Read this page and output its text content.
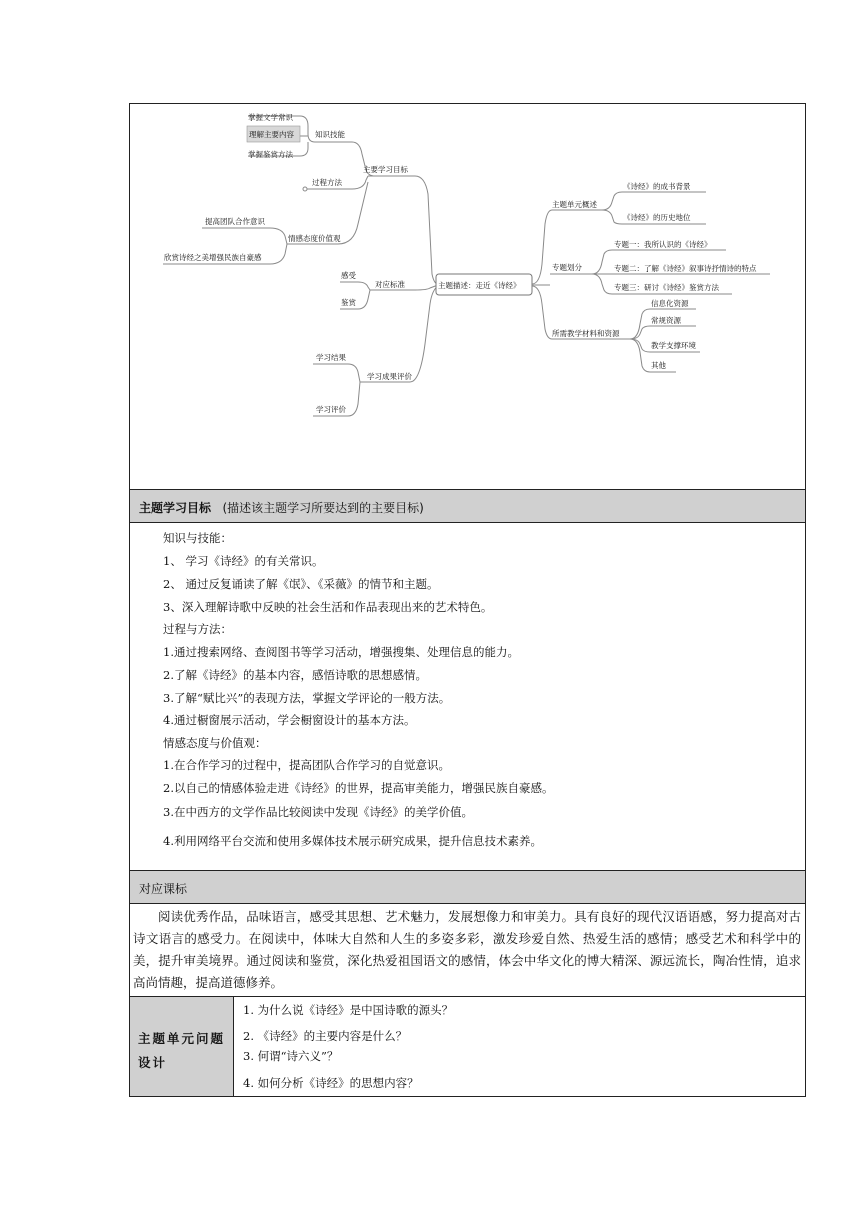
掌握文学常识
理解主要内容
掌握鉴赏方法
知识技能
主要学习目标
过程方法
提高团队合作意识
情感态度价值观
欣赏诗经之美增强民族自豪感
感受
对应标准
鉴赏
主题描述：走近《诗经》
学习结果
学习成果评价
学习评价
主题单元概述
《诗经》的成书背景
《诗经》的历史地位
专题划分
专题一：我所认识的《诗经》
专题二：了解《诗经》叙事诗抒情诗的特点
专题三：研讨《诗经》鉴赏方法
所需教学材料和资源
信息化资源
常规资源
教学支撑环境
其他
主题学习目标 (描述该主题学习所要达到的主要目标)
知识与技能：
1、 学习《诗经》的有关常识。
2、 通过反复诵读了解《氓》、《采薇》的情节和主题。
3、深入理解诗歌中反映的社会生活和作品表现出来的艺术特色。
过程与方法：
1.通过搜索网络、查阅图书等学习活动，增强搜集、处理信息的能力。
2.了解《诗经》的基本内容，感悟诗歌的思想感情。
3.了解“赋比兴”的表现方法，掌握文学评论的一般方法。
4.通过橱窗展示活动，学会橱窗设计的基本方法。
情感态度与价值观：
1.在合作学习的过程中，提高团队合作学习的自觉意识。
2.以自己的情感体验走进《诗经》的世界，提高审美能力，增强民族自豪感。
3.在中西方的文学作品比较阅读中发现《诗经》的美学价值。
4.利用网络平台交流和使用多媒体技术展示研究成果，提升信息技术素养。
对应课标
阅读优秀作品，品味语言，感受其思想、艺术魅力，发展想像力和审美力。具有良好的现代汉语语感，努力提高对古诗文语言的感受力。在阅读中，体味大自然和人生的多姿多彩，激发珍爱自然、热爱生活的感情；感受艺术和科学中的美，提升审美境界。通过阅读和鉴赏，深化热爱祖国语文的感情，体会中华文化的博大精深、源远流长，陶冶性情，追求高尚情趣，提高道德修养。
主题单元问题设计
1. 为什么说《诗经》是中国诗歌的源头？
2. 《诗经》的主要内容是什么？
3. 何谓“诗六义”？
4. 如何分析《诗经》的思想内容？
